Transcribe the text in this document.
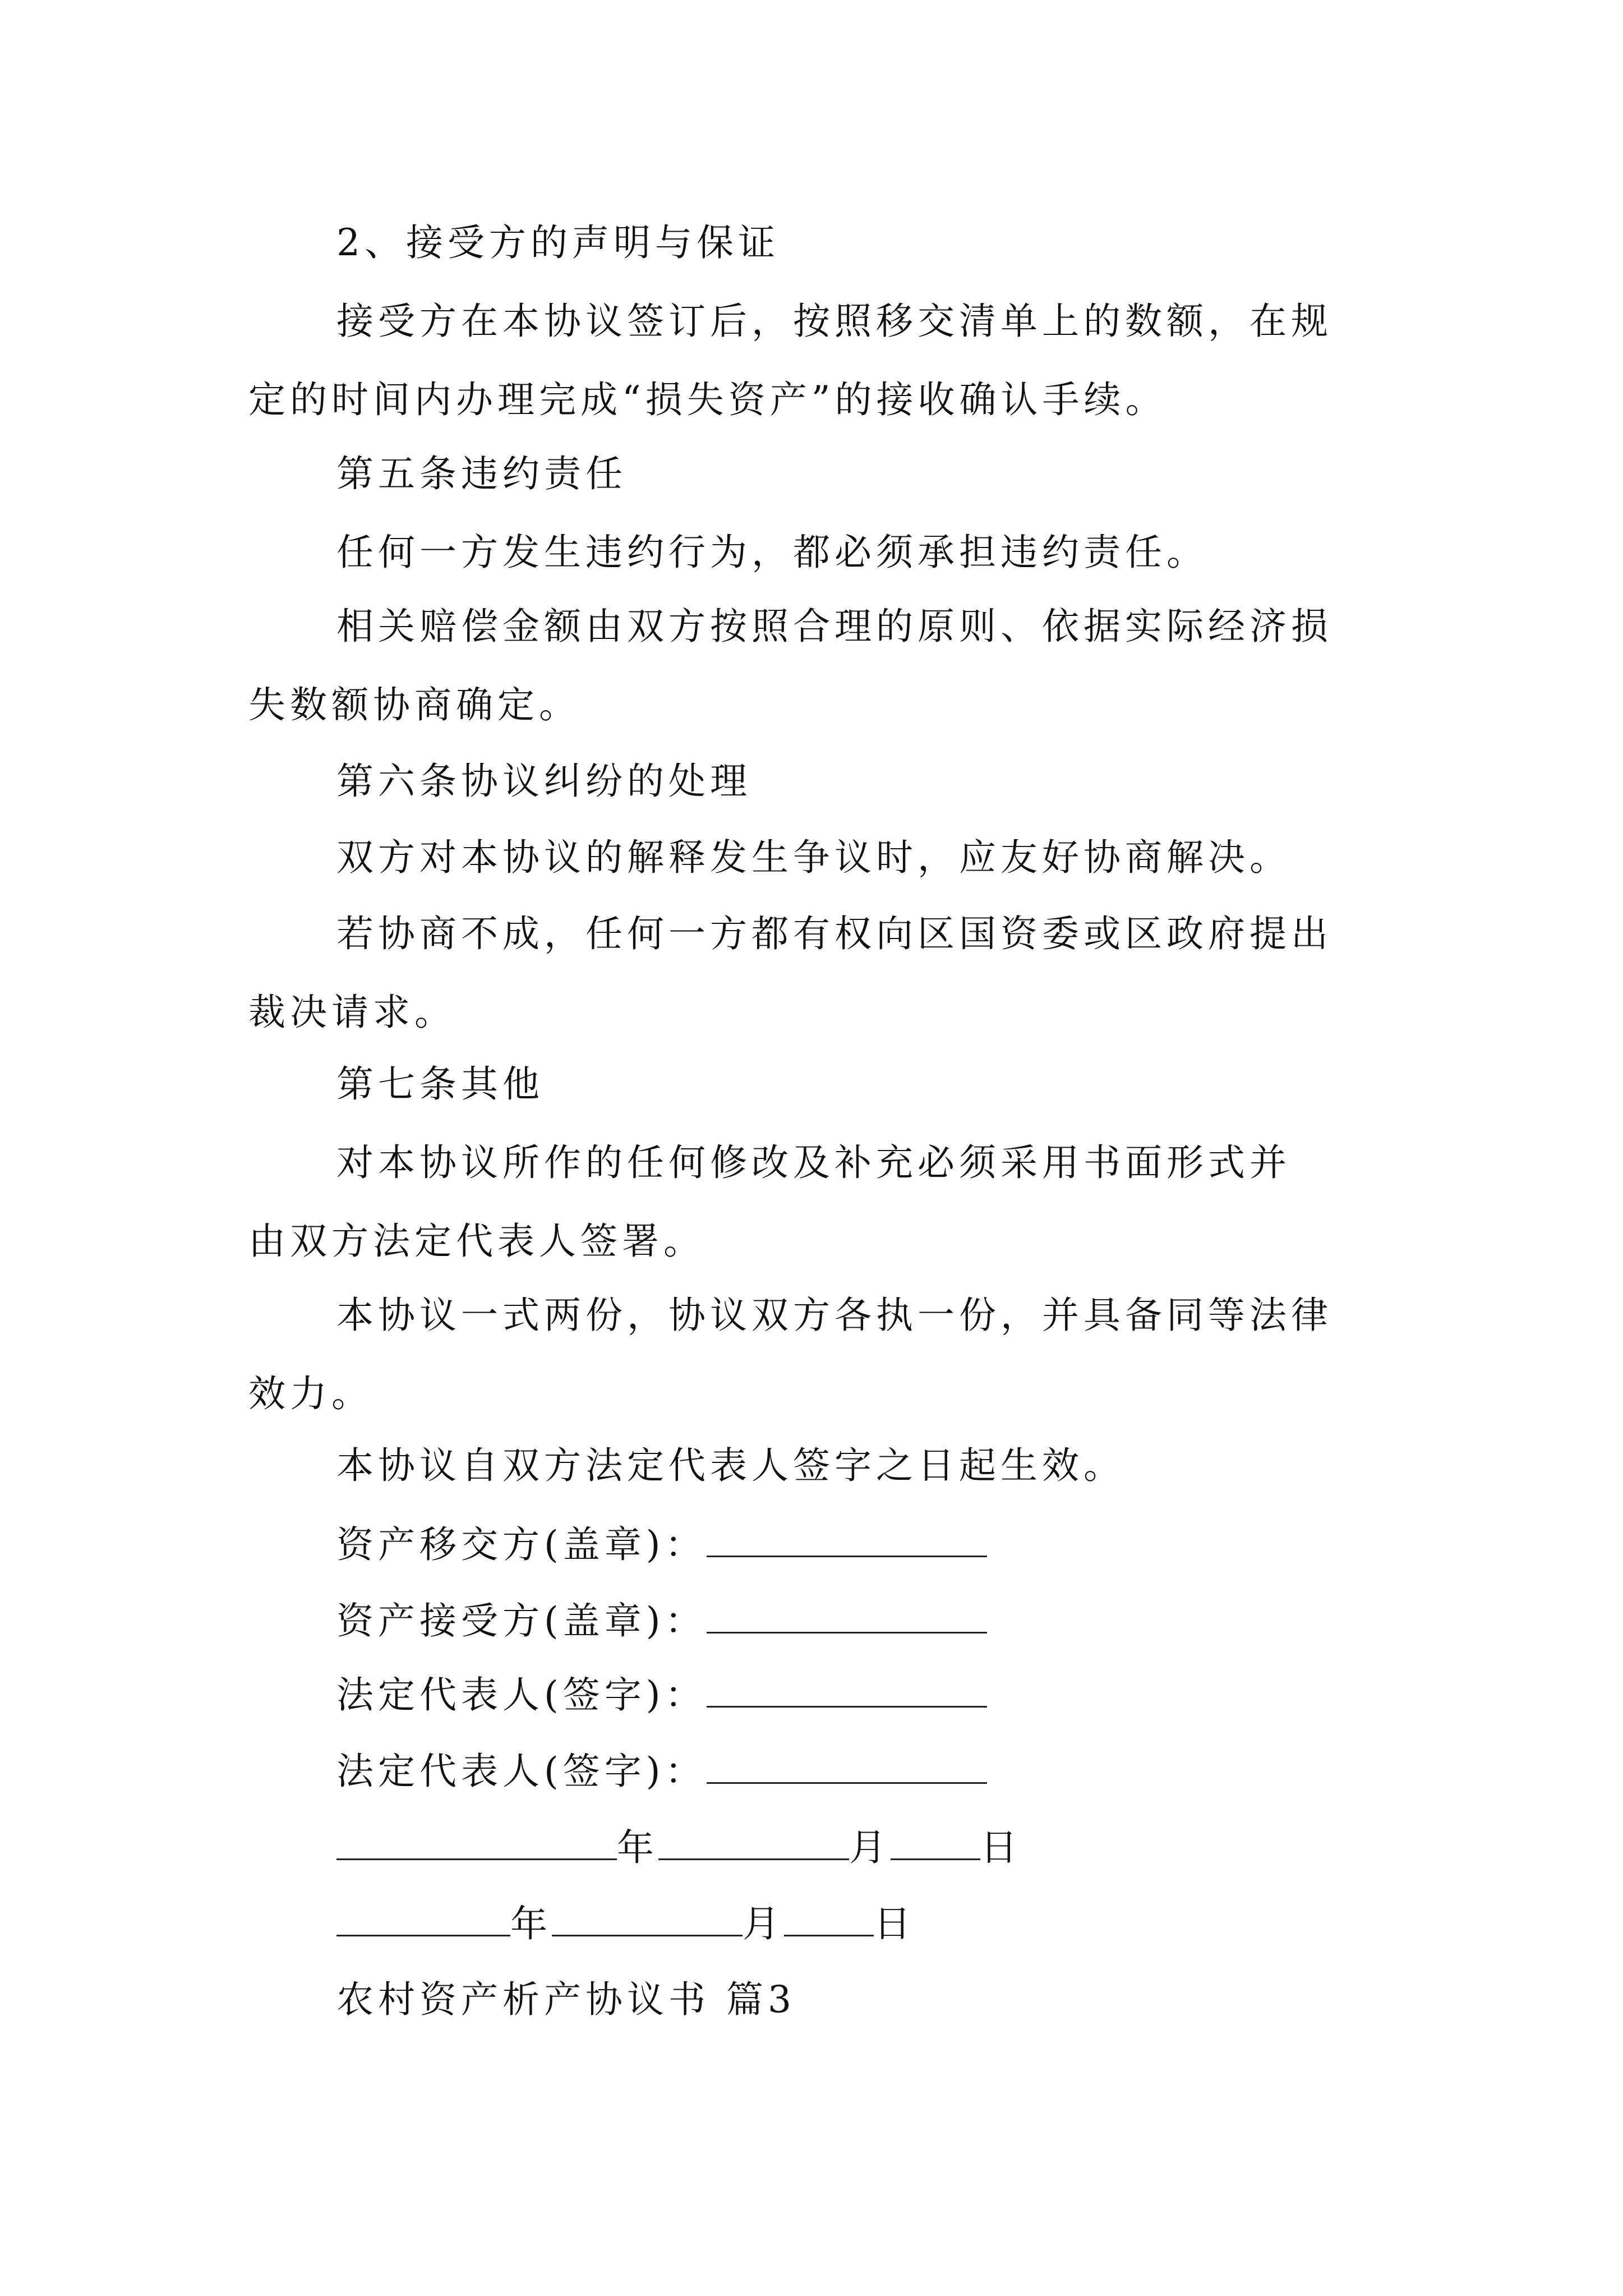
2、接受方的声明与保证
接受方在本协议签订后，按照移交清单上的数额，在规
定的时间内办理完成“损失资产”的接收确认手续。
第五条违约责任
任何一方发生违约行为，都必须承担违约责任。
相关赔偿金额由双方按照合理的原则、依据实际经济损
失数额协商确定。
第六条协议纠纷的处理
双方对本协议的解释发生争议时，应友好协商解决。
若协商不成，任何一方都有权向区国资委或区政府提出
裁决请求。
第七条其他
对本协议所作的任何修改及补充必须采用书面形式并
由双方法定代表人签署。
本协议一式两份，协议双方各执一份，并具备同等法律
效力。
本协议自双方法定代表人签字之日起生效。
资产移交方(盖章)：
资产接受方(盖章)：
法定代表人(签字)：
法定代表人(签字)：
年	月 日
年	月 日
农村资产析产协议书 篇3
